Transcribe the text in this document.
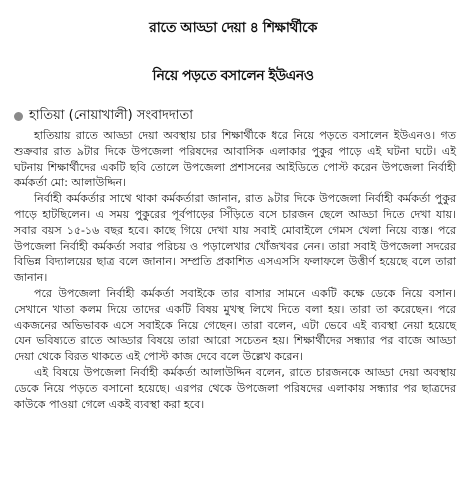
রাতে আড্ডা দেয়া ৪ শিক্ষার্থীকে
নিয়ে পড়তে বসালেন ইউএনও
হাতিয়া (নোয়াখালী) সংবাদদাতা

হাতিয়ায় রাতে আড্ডা দেয়া অবস্থায় চার শিক্ষার্থীকে ধরে নিয়ে পড়তে বসালেন ইউএনও। গত শুক্রবার রাত ৯টার দিকে উপজেলা পরিষদের আবাসিক এলাকার পুকুর পাড়ে এই ঘটনা ঘটে। এই ঘটনায় শিক্ষার্থীদের একটি ছবি তোলে উপজেলা প্রশাসনের আইডিতে পোস্ট করেন উপজেলা নির্বাহী কর্মকর্তা মো: আলাউদ্দিন।

নির্বাহী কর্মকর্তার সাথে থাকা কর্মকর্তারা জানান, রাত ৯টার দিকে উপজেলা নির্বাহী কর্মকর্তা পুকুর পাড়ে হাটছিলেন। এ সময় পুকুরের পূর্বপাড়ের সিঁড়িতে বসে চারজন ছেলে আড্ডা দিতে দেখা যায়। সবার বয়স ১৫-১৬ বছর হবে। কাছে গিয়ে দেখা যায় সবাই মোবাইলে গেমস খেলা নিয়ে ব্যস্ত। পরে উপজেলা নির্বাহী কর্মকর্তা সবার পরিচয় ও পড়ালেখার খোঁজখবর নেন। তারা সবাই উপজেলা সদরের বিভিন্ন বিদ্যালয়ের ছাত্র বলে জানান। সম্প্রতি প্রকাশিত এসএসসি ফলাফলে উত্তীর্ণ হয়েছে বলে তারা জানান।

পরে উপজেলা নির্বাহী কর্মকর্তা সবাইকে তার বাসার সামনে একটি কক্ষে ডেকে নিয়ে বসান। সেখানে খাতা কলম দিয়ে তাদের একটি বিষয় মুখস্থ লিখে দিতে বলা হয়। তারা তা করেছেন। পরে একজনের অভিভাবক এসে সবাইকে নিয়ে গেছেন। তারা বলেন, এটা ভেবে এই ব্যবস্থা নেয়া হয়েছে যেন ভবিষ্যতে রাতে আড্ডার বিষয়ে তারা আরো সচেতন হয়। শিক্ষার্থীদের সন্ধ্যার পর বাজে আড্ডা দেয়া থেকে বিরত থাকতে এই পোস্ট কাজ দেবে বলে উল্লেখ করেন।

এই বিষয়ে উপজেলা নির্বাহী কর্মকর্তা আলাউদ্দিন বলেন, রাতে চারজনকে আড্ডা দেয়া অবস্থায় ডেকে নিয়ে পড়তে বসানো হয়েছে। এরপর থেকে উপজেলা পরিষদের এলাকায় সন্ধ্যার পর ছাত্রদের কাউকে পাওয়া গেলে একই ব্যবস্থা করা হবে।
